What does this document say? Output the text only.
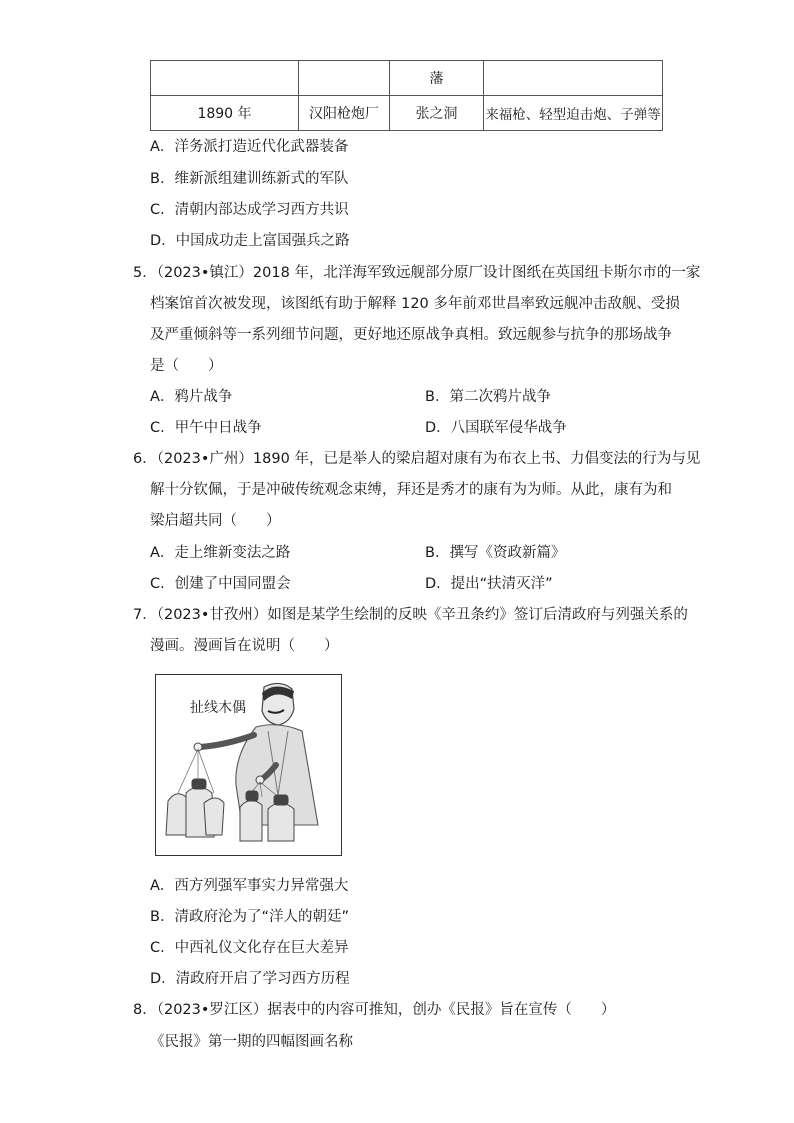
		藩	
1890 年	汉阳枪炮厂	张之洞	来福枪、轻型迫击炮、子弹等
A．洋务派打造近代化武器装备
B．维新派组建训练新式的军队
C．清朝内部达成学习西方共识
D．中国成功走上富国强兵之路
5．（2023•镇江）2018 年，北洋海军致远舰部分原厂设计图纸在英国纽卡斯尔市的一家
档案馆首次被发现，该图纸有助于解释 120 多年前邓世昌率致远舰冲击敌舰、受损
及严重倾斜等一系列细节问题，更好地还原战争真相。致远舰参与抗争的那场战争
是（　　）
A．鸦片战争	B．第二次鸦片战争
C．甲午中日战争	D．八国联军侵华战争
6．（2023•广州）1890 年，已是举人的梁启超对康有为布衣上书、力倡变法的行为与见
解十分钦佩，于是冲破传统观念束缚，拜还是秀才的康有为为师。从此，康有为和
梁启超共同（　　）
A．走上维新变法之路	B．撰写《资政新篇》
C．创建了中国同盟会	D．提出“扶清灭洋”
7．（2023•甘孜州）如图是某学生绘制的反映《辛丑条约》签订后清政府与列强关系的
漫画。漫画旨在说明（　　）
扯线木偶
A．西方列强军事实力异常强大
B．清政府沦为了“洋人的朝廷”
C．中西礼仪文化存在巨大差异
D．清政府开启了学习西方历程
8．（2023•罗江区）据表中的内容可推知，创办《民报》旨在宣传（　　）
《民报》第一期的四幅图画名称
